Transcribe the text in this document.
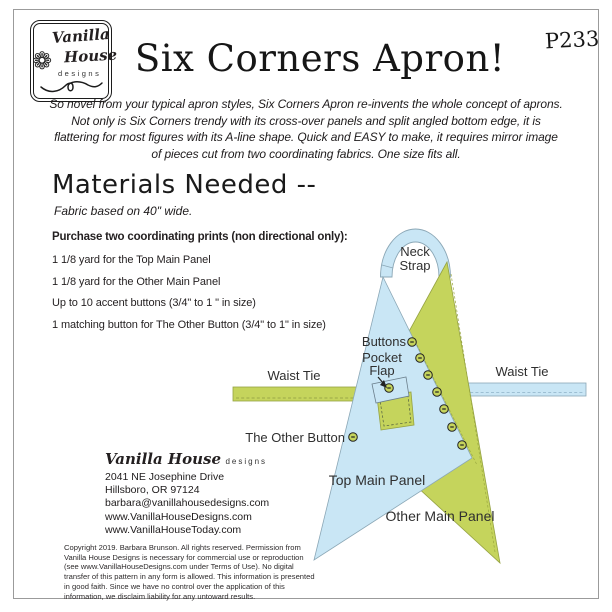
Vanilla
❁ House
designs Six Corners Apron!	P233
So novel from your typical apron styles, Six Corners Apron re-invents the whole concept of aprons.
Not only is Six Corners trendy with its cross-over panels and split angled bottom edge, it is
flattering for most figures with its A-line shape. Quick and EASY to make, it requires mirror image
of pieces cut from two coordinating fabrics. One size fits all.
Materials Needed --
Fabric based on 40" wide.
Purchase two coordinating prints (non directional only):
1 1/8 yard for the Top Main Panel
1 1/8 yard for the Other Main Panel
Up to 10 accent buttons (3/4" to 1 " in size)
1 matching button for The Other Button (3/4" to 1" in size)
Neck
Strap
Buttons
Pocket
Flap
Waist Tie	Waist Tie
The Other Button
Top Main Panel
Other Main Panel
Vanilla House designs
2041 NE Josephine Drive
Hillsboro, OR 97124
barbara@vanillahousedesigns.com
www.VanillaHouseDesigns.com
www.VanillaHouseToday.com
Copyright 2019. Barbara Brunson. All rights reserved. Permission from Vanilla House Designs is necessary for commercial use or reproduction (see www.VanillaHouseDesigns.com under Terms of Use). No digital transfer of this pattern in any form is allowed. This information is presented in good faith. Since we have no control over the application of this information, we disclaim liability for any untoward results.
